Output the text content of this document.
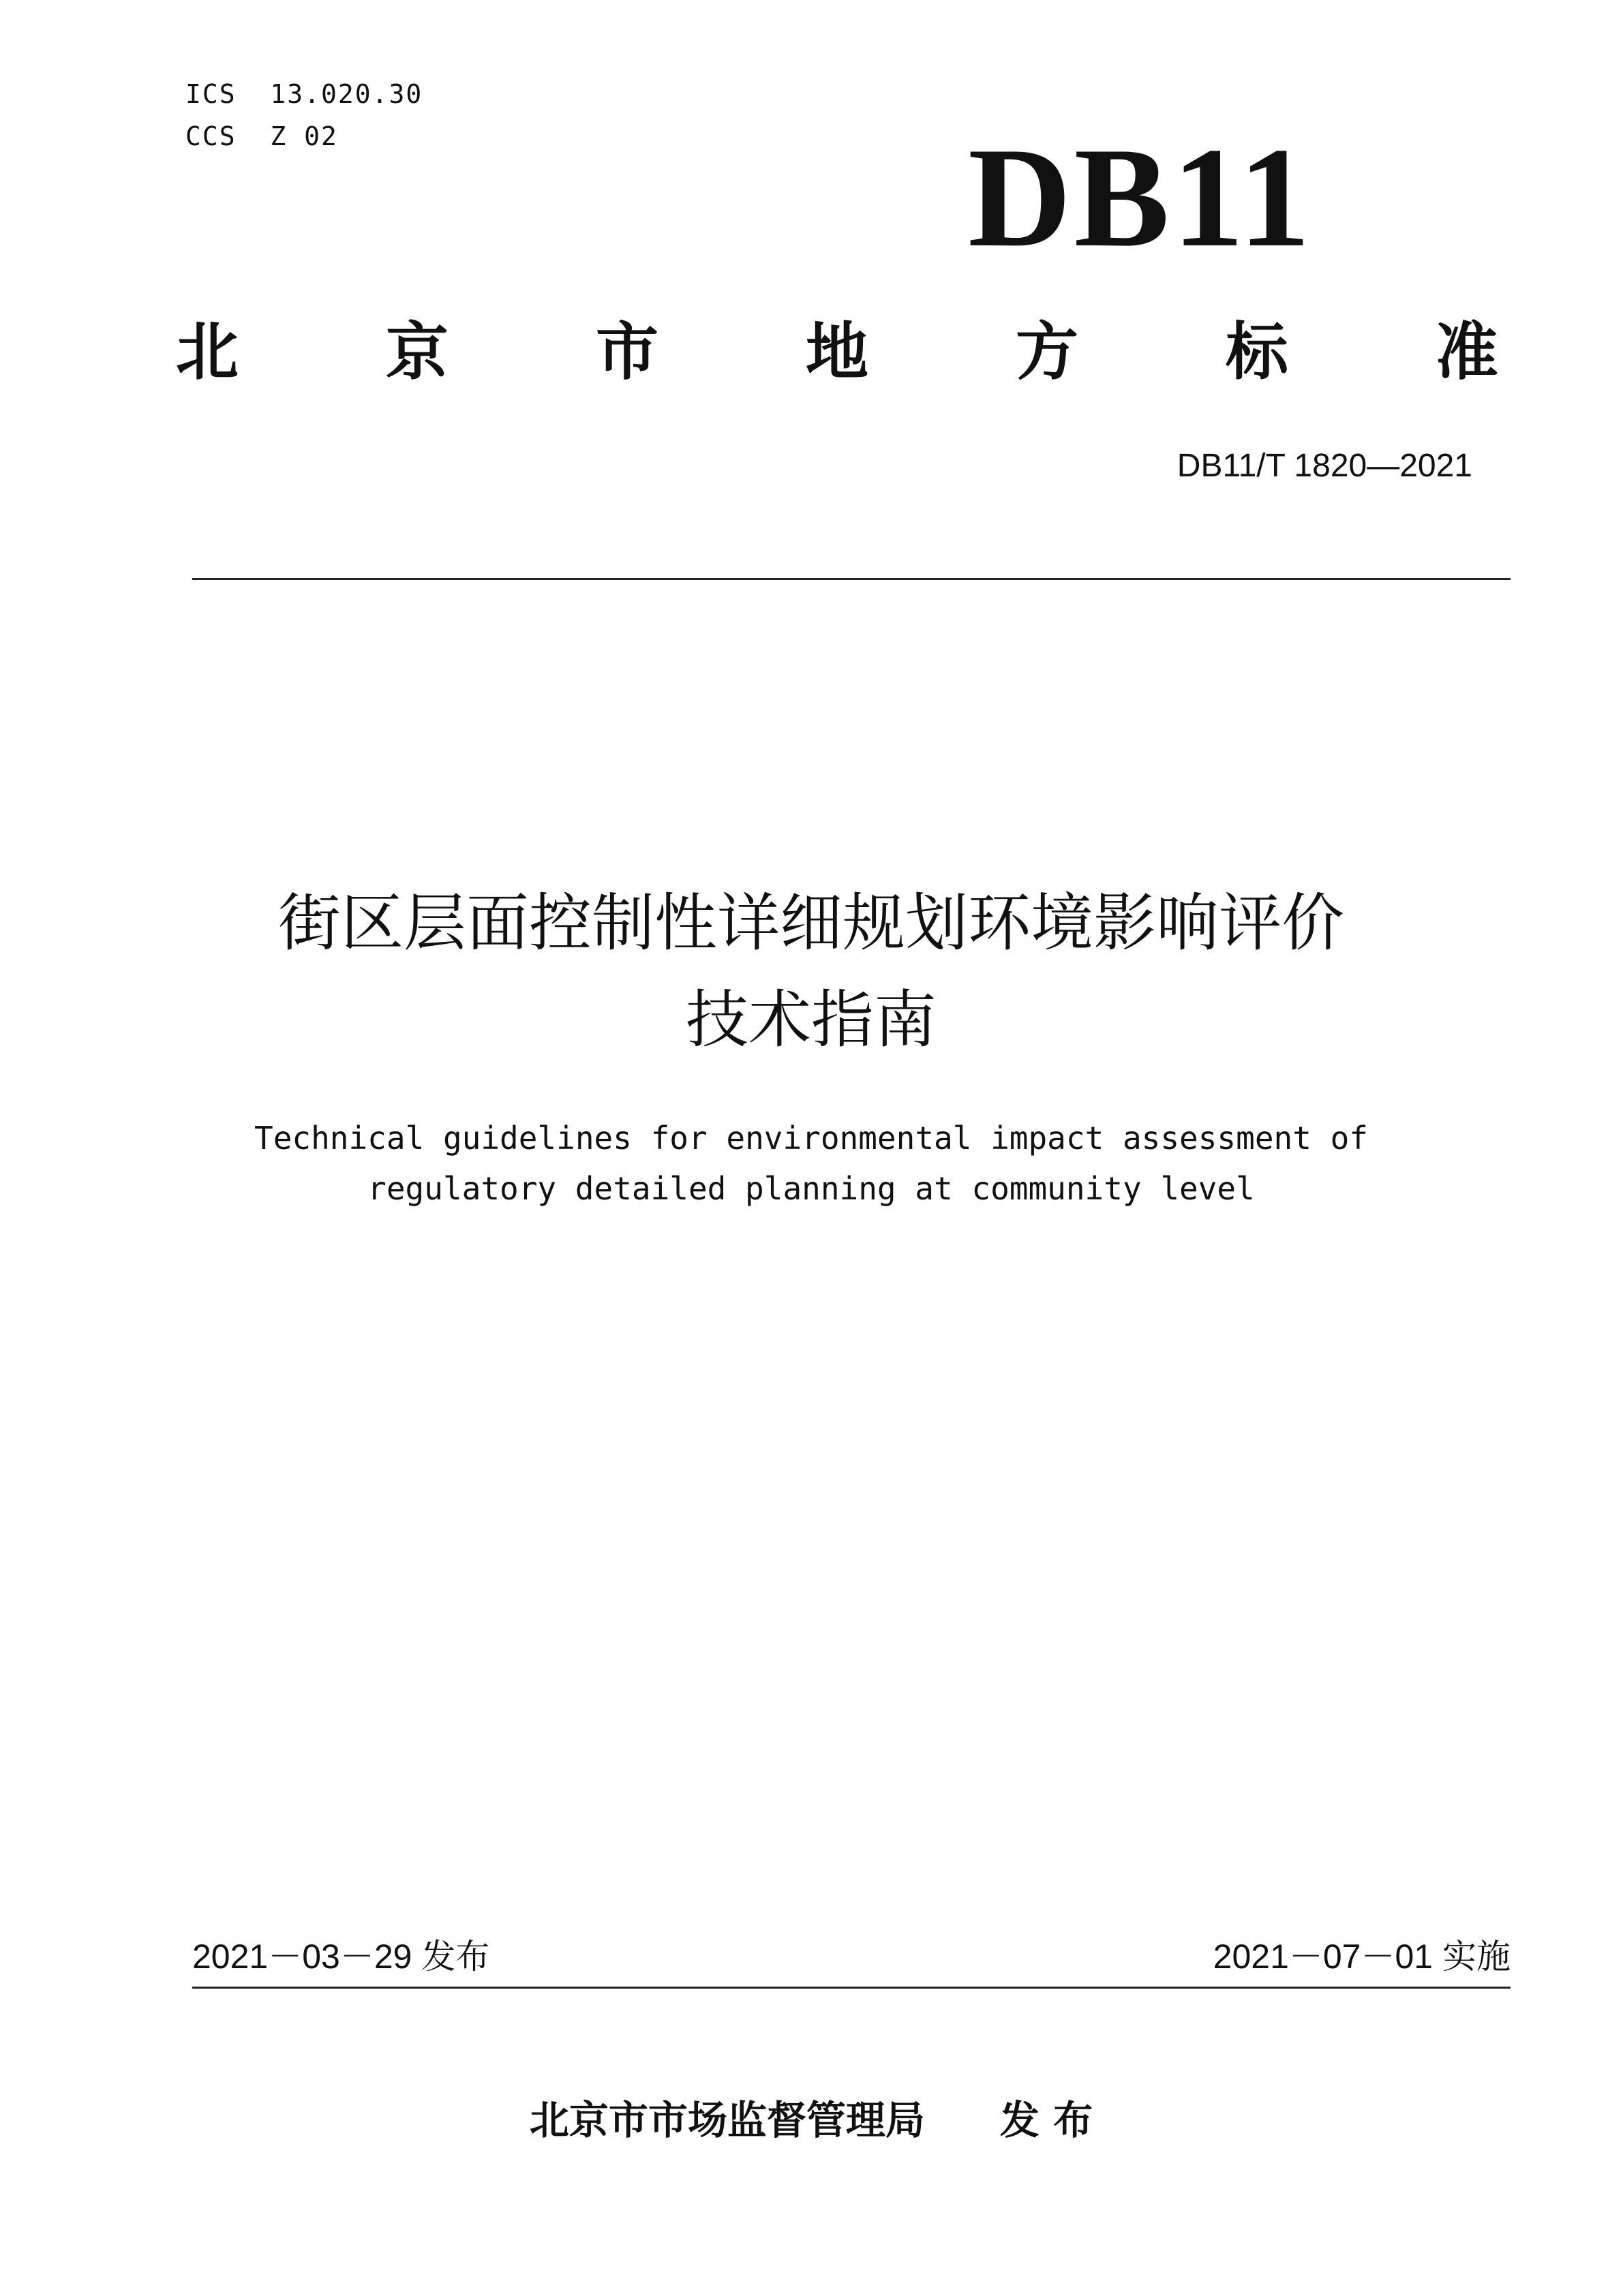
ICS  13.020.30
CCS  Z 02	DB11
北 京 市 地 方 标 准
DB11/T 1820—2021
街区层面控制性详细规划环境影响评价
技术指南
Technical guidelines for environmental impact assessment of
regulatory detailed planning at community level
2021－03－29 发布	2021－07－01 实施
北京市市场监督管理局 发 布
